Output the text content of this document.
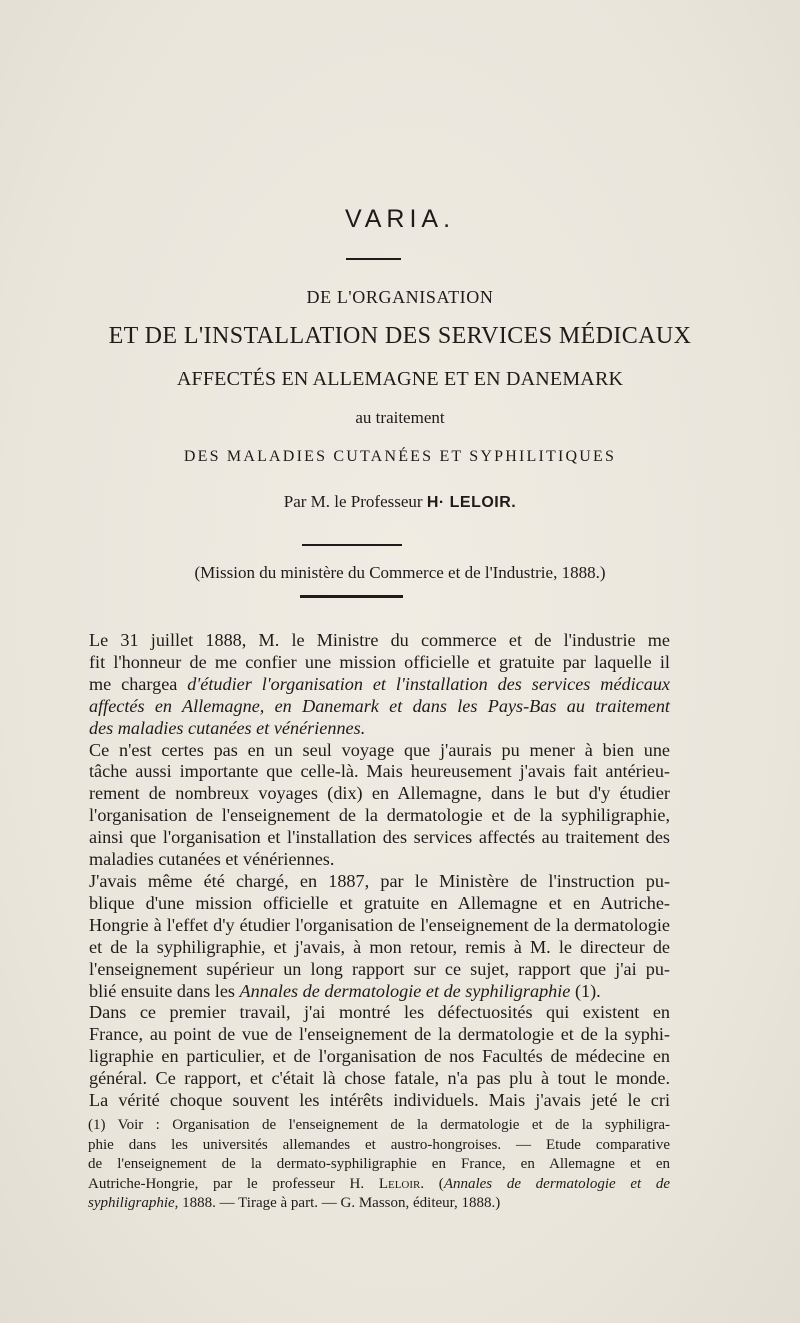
VARIA.
DE L'ORGANISATION
ET DE L'INSTALLATION DES SERVICES MÉDICAUX
AFFECTÉS EN ALLEMAGNE ET EN DANEMARK
au traitement
DES MALADIES CUTANÉES ET SYPHILITIQUES
Par M. le Professeur H· LELOIR.
(Mission du ministère du Commerce et de l'Industrie, 1888.)

Le 31 juillet 1888, M. le Ministre du commerce et de l'industrie me
fit l'honneur de me confier une mission officielle et gratuite par laquelle il
me chargea d'étudier l'organisation et l'installation des services médicaux
affectés en Allemagne, en Danemark et dans les Pays-Bas au traitement
des maladies cutanées et vénériennes.

Ce n'est certes pas en un seul voyage que j'aurais pu mener à bien une
tâche aussi importante que celle-là. Mais heureusement j'avais fait antérieu-
rement de nombreux voyages (dix) en Allemagne, dans le but d'y étudier
l'organisation de l'enseignement de la dermatologie et de la syphiligraphie,
ainsi que l'organisation et l'installation des services affectés au traitement des
maladies cutanées et vénériennes.

J'avais même été chargé, en 1887, par le Ministère de l'instruction pu-
blique d'une mission officielle et gratuite en Allemagne et en Autriche-
Hongrie à l'effet d'y étudier l'organisation de l'enseignement de la dermatologie
et de la syphiligraphie, et j'avais, à mon retour, remis à M. le directeur de
l'enseignement supérieur un long rapport sur ce sujet, rapport que j'ai pu-
blié ensuite dans les Annales de dermatologie et de syphiligraphie (1).

Dans ce premier travail, j'ai montré les défectuosités qui existent en
France, au point de vue de l'enseignement de la dermatologie et de la syphi-
ligraphie en particulier, et de l'organisation de nos Facultés de médecine en
général. Ce rapport, et c'était là chose fatale, n'a pas plu à tout le monde.
La vérité choque souvent les intérêts individuels. Mais j'avais jeté le cri

(1) Voir : Organisation de l'enseignement de la dermatologie et de la syphiligra-
phie dans les universités allemandes et austro-hongroises. — Etude comparative
de l'enseignement de la dermato-syphiligraphie en France, en Allemagne et en
Autriche-Hongrie, par le professeur H. Leloir. (Annales de dermatologie et de
syphiligraphie, 1888. — Tirage à part. — G. Masson, éditeur, 1888.)
